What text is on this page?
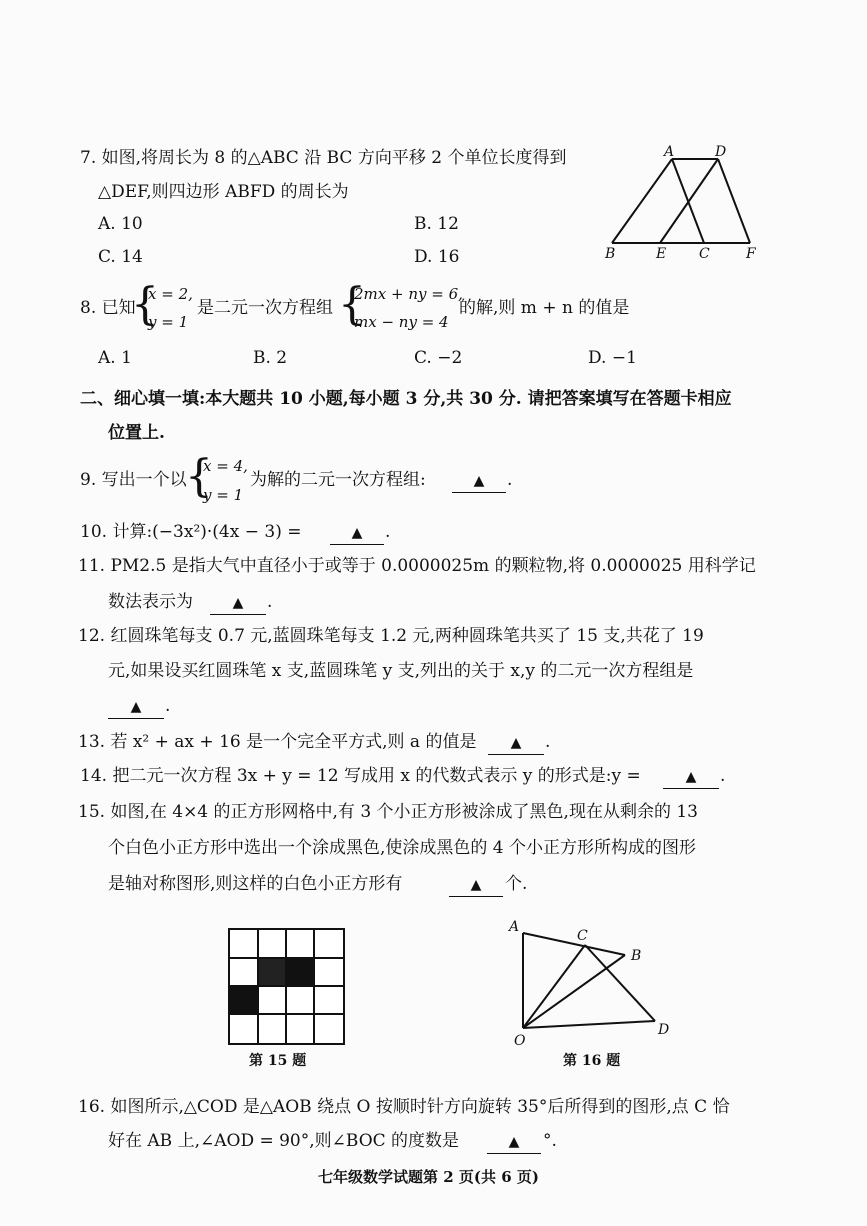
7. 如图,将周长为 8 的△ABC 沿 BC 方向平移 2 个单位长度得到
△DEF,则四边形 ABFD 的周长为
A. 10	B. 12
C. 14	D. 16
A	D
B	E C	F
8. 已知
{
x = 2,
y = 1
是二元一次方程组 {
2mx + ny = 6,
mx − ny = 4
的解,则 m + n 的值是
A. 1	B. 2	C. −2	D. −1
二、细心填一填:本大题共 10 小题,每小题 3 分,共 30 分. 请把答案填写在答题卡相应
位置上.
9. 写出一个以
{
x = 4,
y = 1
为解的二元一次方程组:	▲	.
10. 计算:(−3x²)·(4x − 3) =	▲	.
11. PM2.5 是指大气中直径小于或等于 0.0000025m 的颗粒物,将 0.0000025 用科学记
数法表示为	▲	.
12. 红圆珠笔每支 0.7 元,蓝圆珠笔每支 1.2 元,两种圆珠笔共买了 15 支,共花了 19
元,如果设买红圆珠笔 x 支,蓝圆珠笔 y 支,列出的关于 x,y 的二元一次方程组是
▲	.
13. 若 x² + ax + 16 是一个完全平方式,则 a 的值是	▲	.
14. 把二元一次方程 3x + y = 12 写成用 x 的代数式表示 y 的形式是:y =	▲	.
15. 如图,在 4×4 的正方形网格中,有 3 个小正方形被涂成了黑色,现在从剩余的 13
个白色小正方形中选出一个涂成黑色,使涂成黑色的 4 个小正方形所构成的图形
是轴对称图形,则这样的白色小正方形有	▲	个.
第 15 题
A
C
B
O
D
第 16 题
16. 如图所示,△COD 是△AOB 绕点 O 按顺时针方向旋转 35°后所得到的图形,点 C 恰
好在 AB 上,∠AOD = 90°,则∠BOC 的度数是	▲	°.
七年级数学试题第 2 页(共 6 页)
